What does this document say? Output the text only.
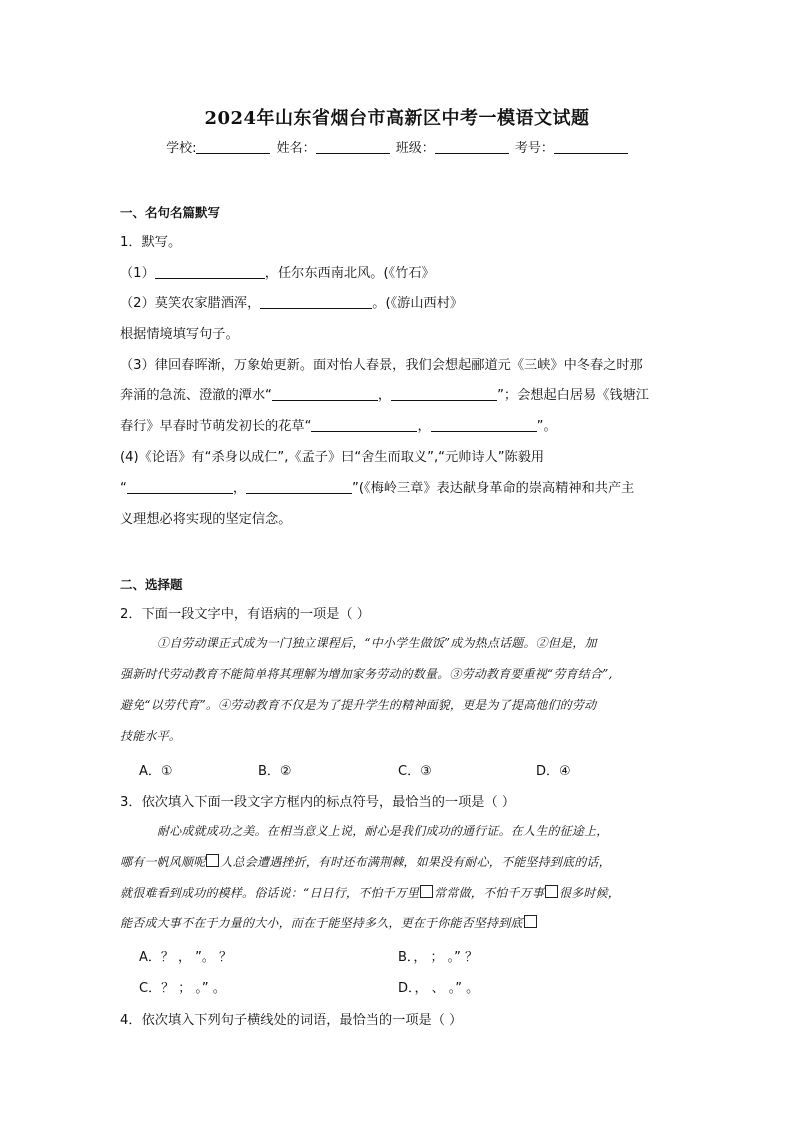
2024年山东省烟台市高新区中考一模语文试题
学校:	姓名：	班级：	考号：
一、名句名篇默写
1．默写。
（1）	，任尔东西南北风。(《竹石》
（2）莫笑农家腊酒浑，	。(《游山西村》
根据情境填写句子。
（3）律回春晖渐，万象始更新。面对怡人春景，我们会想起郦道元《三峡》中冬春之时那
奔涌的急流、澄澈的潭水“	，	”；会想起白居易《钱塘江
春行》早春时节萌发初长的花草“	，	”。
(4)《论语》有“杀身以成仁”,《孟子》曰“舍生而取义”,“元帅诗人”陈毅用
“	，	”(《梅岭三章》表达献身革命的崇高精神和共产主
义理想必将实现的坚定信念。
二、选择题
2．下面一段文字中，有语病的一项是（ ）
①自劳动课正式成为一门独立课程后，“中小学生做饭”成为热点话题。②但是，加
强新时代劳动教育不能简单将其理解为增加家务劳动的数量。③劳动教育要重视“劳育结合”,
避免“以劳代育”。④劳动教育不仅是为了提升学生的精神面貌，更是为了提高他们的劳动
技能水平。
A．①	B．②	C．③	D．④
3．依次填入下面一段文字方框内的标点符号，最恰当的一项是（ ）
耐心成就成功之美。在相当意义上说，耐心是我们成功的通行证。在人生的征途上，
哪有一帆风顺呢 人总会遭遇挫折，有时还布满荆棘，如果没有耐心，不能坚持到底的话，
就很难看到成功的模样。俗话说：“日日行，不怕千万里 常常做，不怕千万事 很多时候，
能否成大事不在于力量的大小，而在于能坚持多久，更在于你能否坚持到底
A．？ ， ”。 ？	B．， ； 。” ？
C．？ ； 。” 。	D．， 、 。” 。
4．依次填入下列句子横线处的词语，最恰当的一项是（ ）
